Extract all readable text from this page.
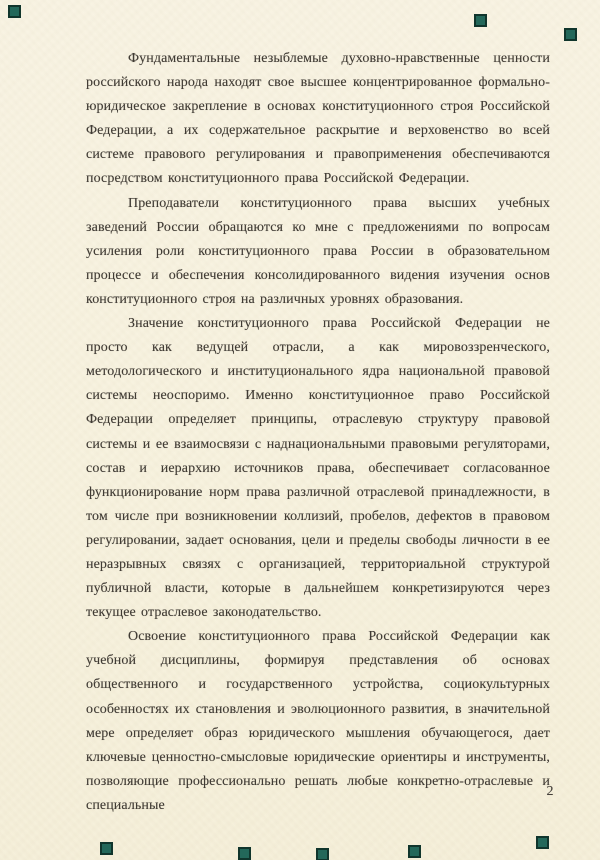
Фундаментальные незыблемые духовно-нравственные ценности российского народа находят свое высшее концентрированное формально-юридическое закрепление в основах конституционного строя Российской Федерации, а их содержательное раскрытие и верховенство во всей системе правового регулирования и правоприменения обеспечиваются посредством конституционного права Российской Федерации.

Преподаватели конституционного права высших учебных заведений России обращаются ко мне с предложениями по вопросам усиления роли конституционного права России в образовательном процессе и обеспечения консолидированного видения изучения основ конституционного строя на различных уровнях образования.

Значение конституционного права Российской Федерации не просто как ведущей отрасли, а как мировоззренческого, методологического и институционального ядра национальной правовой системы неоспоримо. Именно конституционное право Российской Федерации определяет принципы, отраслевую структуру правовой системы и ее взаимосвязи с наднациональными правовыми регуляторами, состав и иерархию источников права, обеспечивает согласованное функционирование норм права различной отраслевой принадлежности, в том числе при возникновении коллизий, пробелов, дефектов в правовом регулировании, задает основания, цели и пределы свободы личности в ее неразрывных связях с организацией, территориальной структурой публичной власти, которые в дальнейшем конкретизируются через текущее отраслевое законодательство.

Освоение конституционного права Российской Федерации как учебной дисциплины, формируя представления об основах общественного и государственного устройства, социокультурных особенностях их становления и эволюционного развития, в значительной мере определяет образ юридического мышления обучающегося, дает ключевые ценностно-смысловые юридические ориентиры и инструменты, позволяющие профессионально решать любые конкретно-отраслевые и специальные

2
